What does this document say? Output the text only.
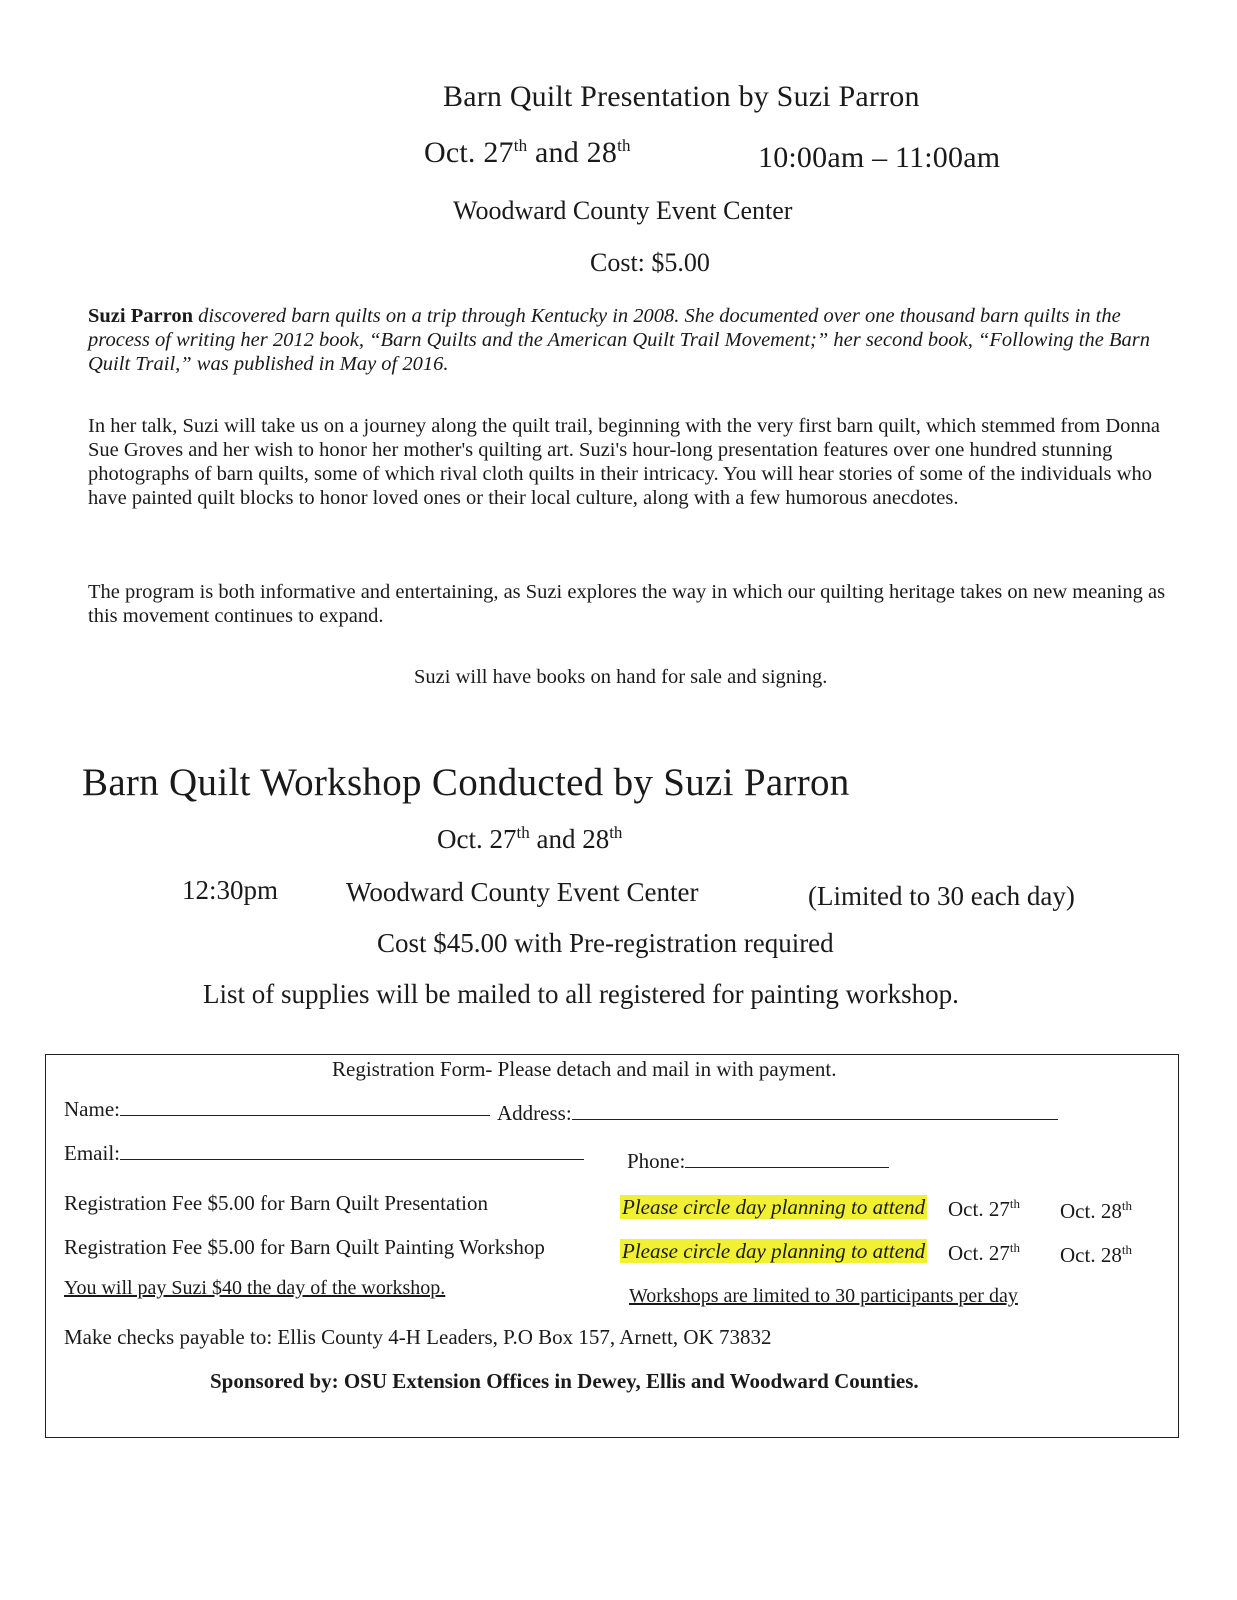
Barn Quilt Presentation by Suzi Parron
Oct. 27th and 28th	10:00am – 11:00am
Woodward County Event Center
Cost: $5.00
Suzi Parron discovered barn quilts on a trip through Kentucky in 2008. She documented over one thousand barn quilts in the process of writing her 2012 book, “Barn Quilts and the American Quilt Trail Movement;” her second book, “Following the Barn Quilt Trail,” was published in May of 2016.
In her talk, Suzi will take us on a journey along the quilt trail, beginning with the very first barn quilt, which stemmed from Donna Sue Groves and her wish to honor her mother's quilting art. Suzi's hour-long presentation features over one hundred stunning photographs of barn quilts, some of which rival cloth quilts in their intricacy. You will hear stories of some of the individuals who have painted quilt blocks to honor loved ones or their local culture, along with a few humorous anecdotes.
The program is both informative and entertaining, as Suzi explores the way in which our quilting heritage takes on new meaning as this movement continues to expand.
Suzi will have books on hand for sale and signing.
Barn Quilt Workshop Conducted by Suzi Parron
Oct. 27th and 28th
12:30pm	Woodward County Event Center	(Limited to 30 each day)
Cost $45.00 with Pre-registration required
List of supplies will be mailed to all registered for painting workshop.
Registration Form- Please detach and mail in with payment.
Name:	Address:
Email:	Phone:
Registration Fee $5.00 for Barn Quilt Presentation	Please circle day planning to attend Oct. 27th Oct. 28th
Registration Fee $5.00 for Barn Quilt Painting Workshop	Please circle day planning to attend Oct. 27th Oct. 28th
You will pay Suzi $40 the day of the workshop.	Workshops are limited to 30 participants per day
Make checks payable to: Ellis County 4-H Leaders, P.O Box 157, Arnett, OK 73832
Sponsored by: OSU Extension Offices in Dewey, Ellis and Woodward Counties.
